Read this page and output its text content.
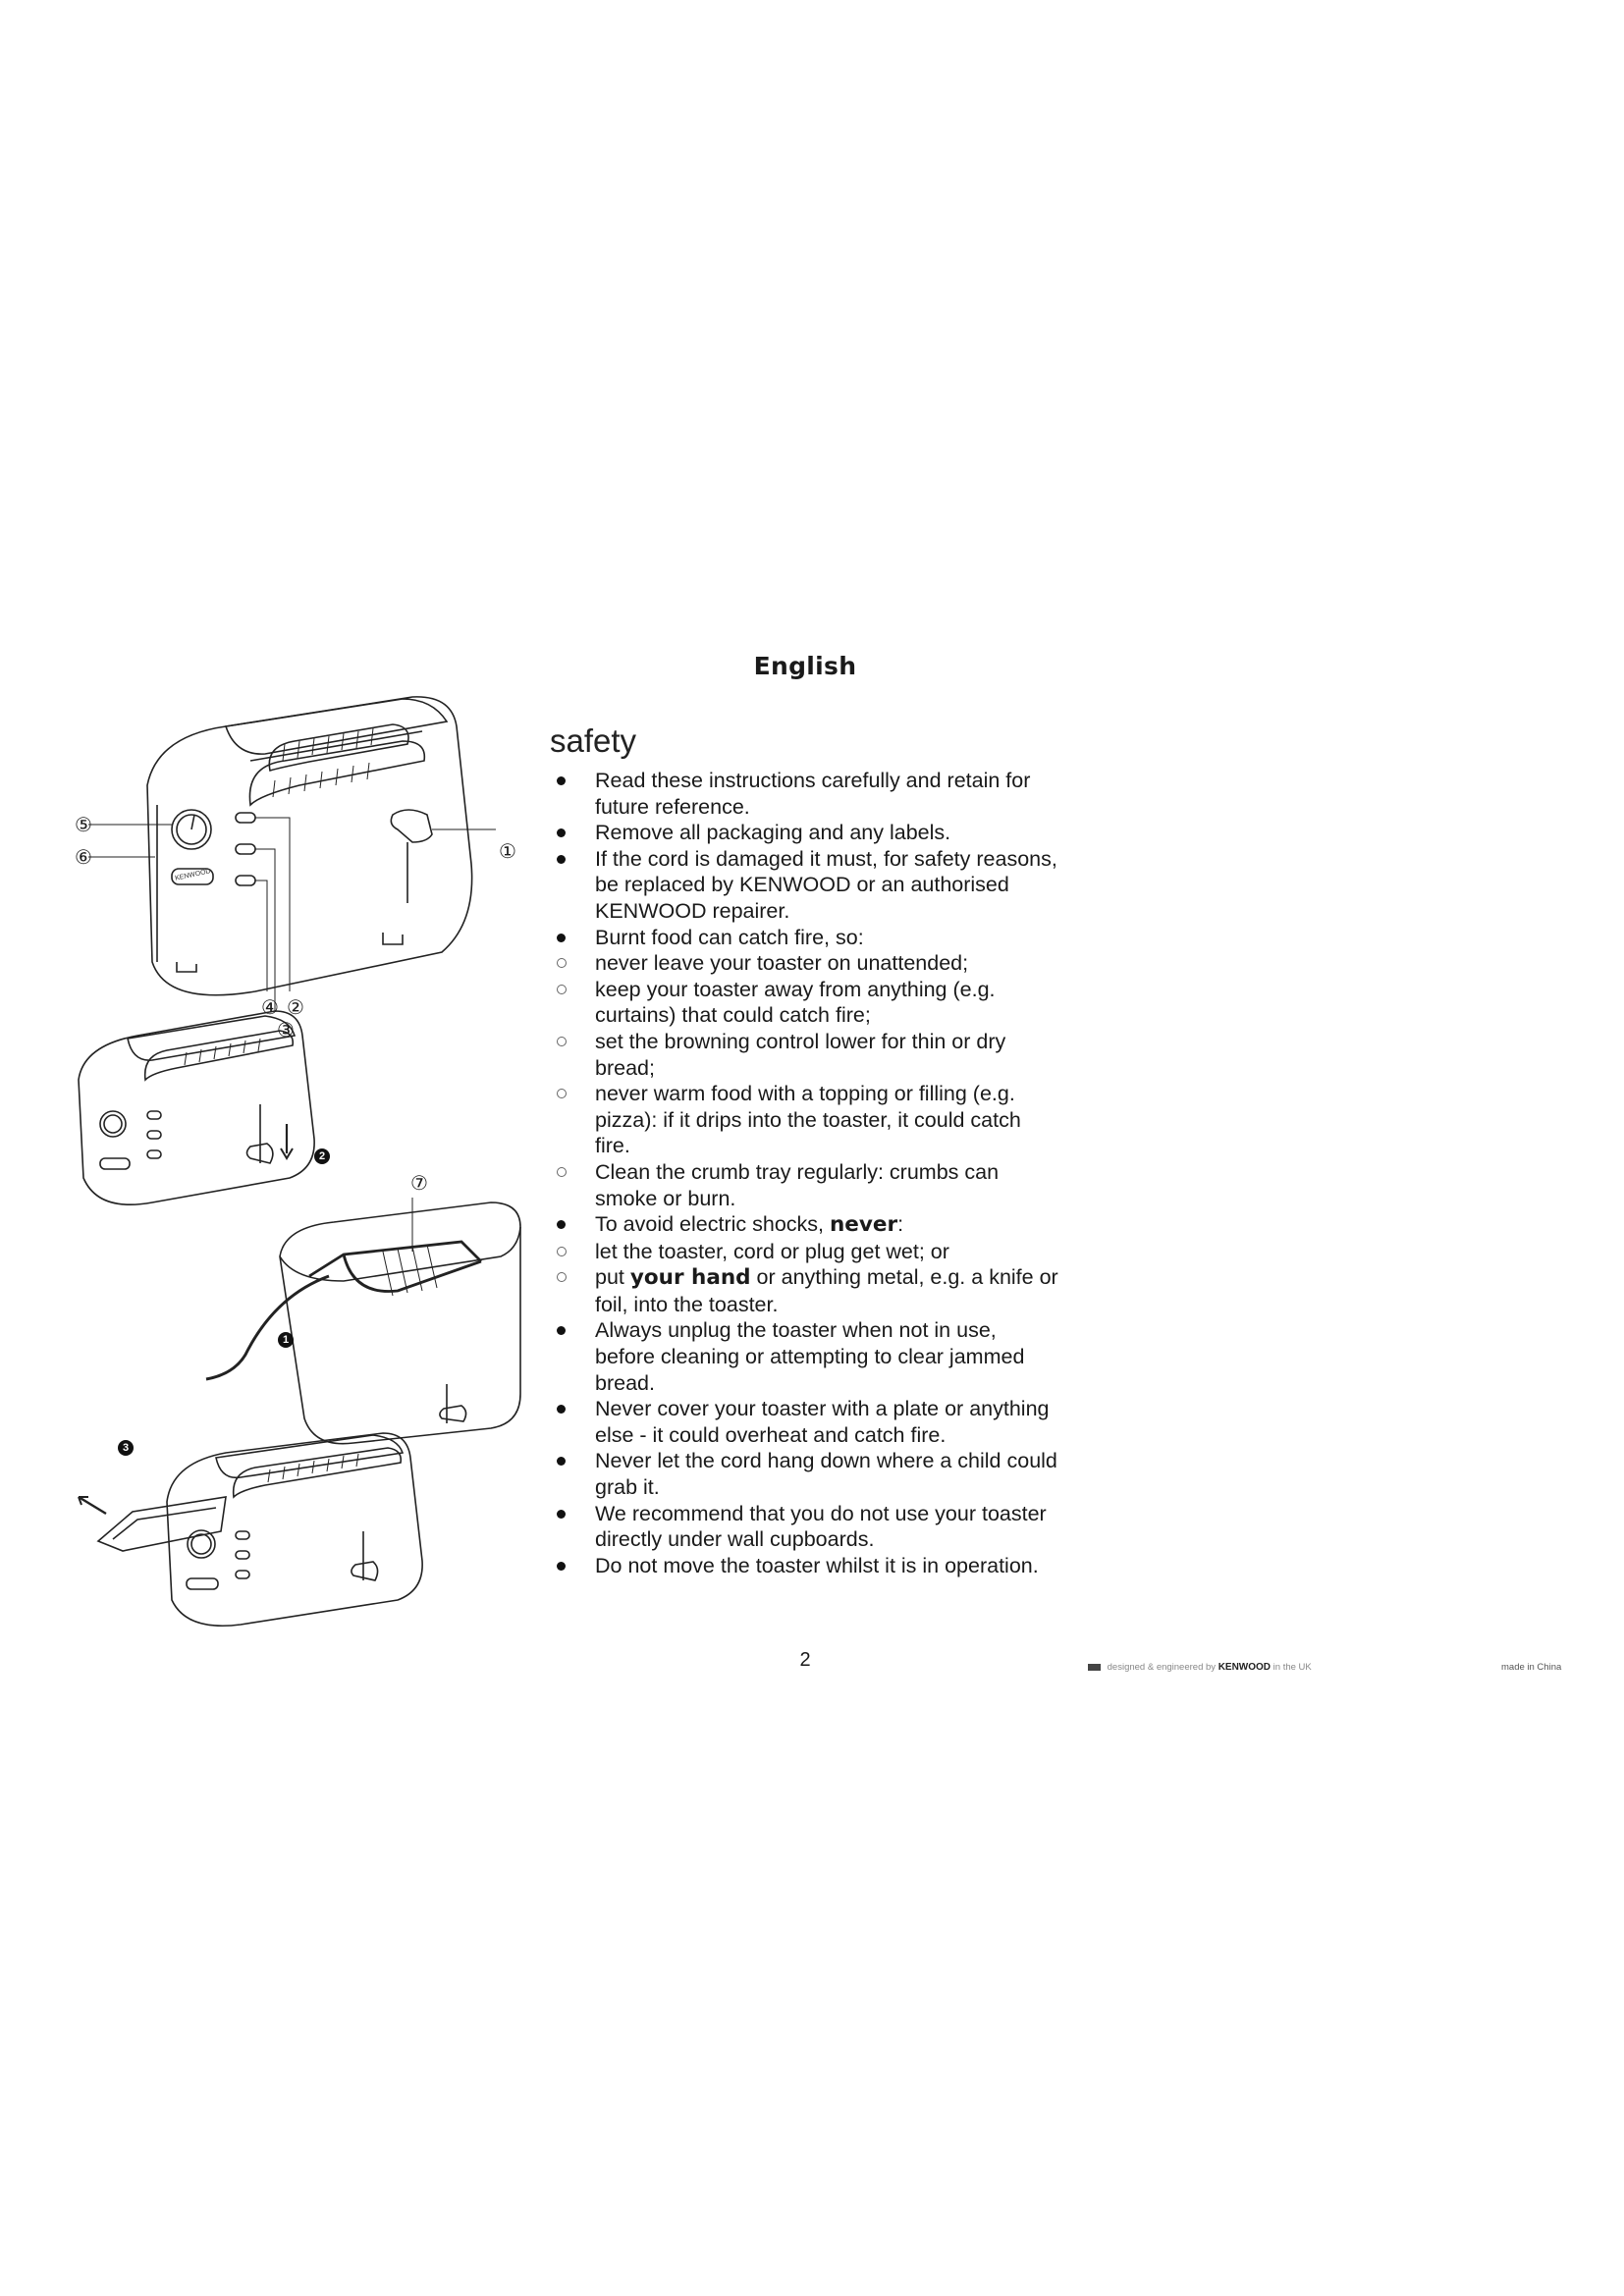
English
⑤
⑥	①
④ ②
③
⑦
2
1
3
KENWOOD
safety
Read these instructions carefully and retain for future reference.
Remove all packaging and any labels.
If the cord is damaged it must, for safety reasons, be replaced by KENWOOD or an authorised KENWOOD repairer.
Burnt food can catch fire, so:
never leave your toaster on unattended;
keep your toaster away from anything (e.g. curtains) that could catch fire;
set the browning control lower for thin or dry bread;
never warm food with a topping or filling (e.g. pizza): if it drips into the toaster, it could catch fire.
Clean the crumb tray regularly: crumbs can smoke or burn.
To avoid electric shocks, never:
let the toaster, cord or plug get wet; or
put your hand or anything metal, e.g. a knife or foil, into the toaster.
Always unplug the toaster when not in use, before cleaning or attempting to clear jammed bread.
Never cover your toaster with a plate or anything else - it could overheat and catch fire.
Never let the cord hang down where a child could grab it.
We recommend that you do not use your toaster directly under wall cupboards.
Do not move the toaster whilst it is in operation.
2	designed & engineered by KENWOOD in the UK	made in China
